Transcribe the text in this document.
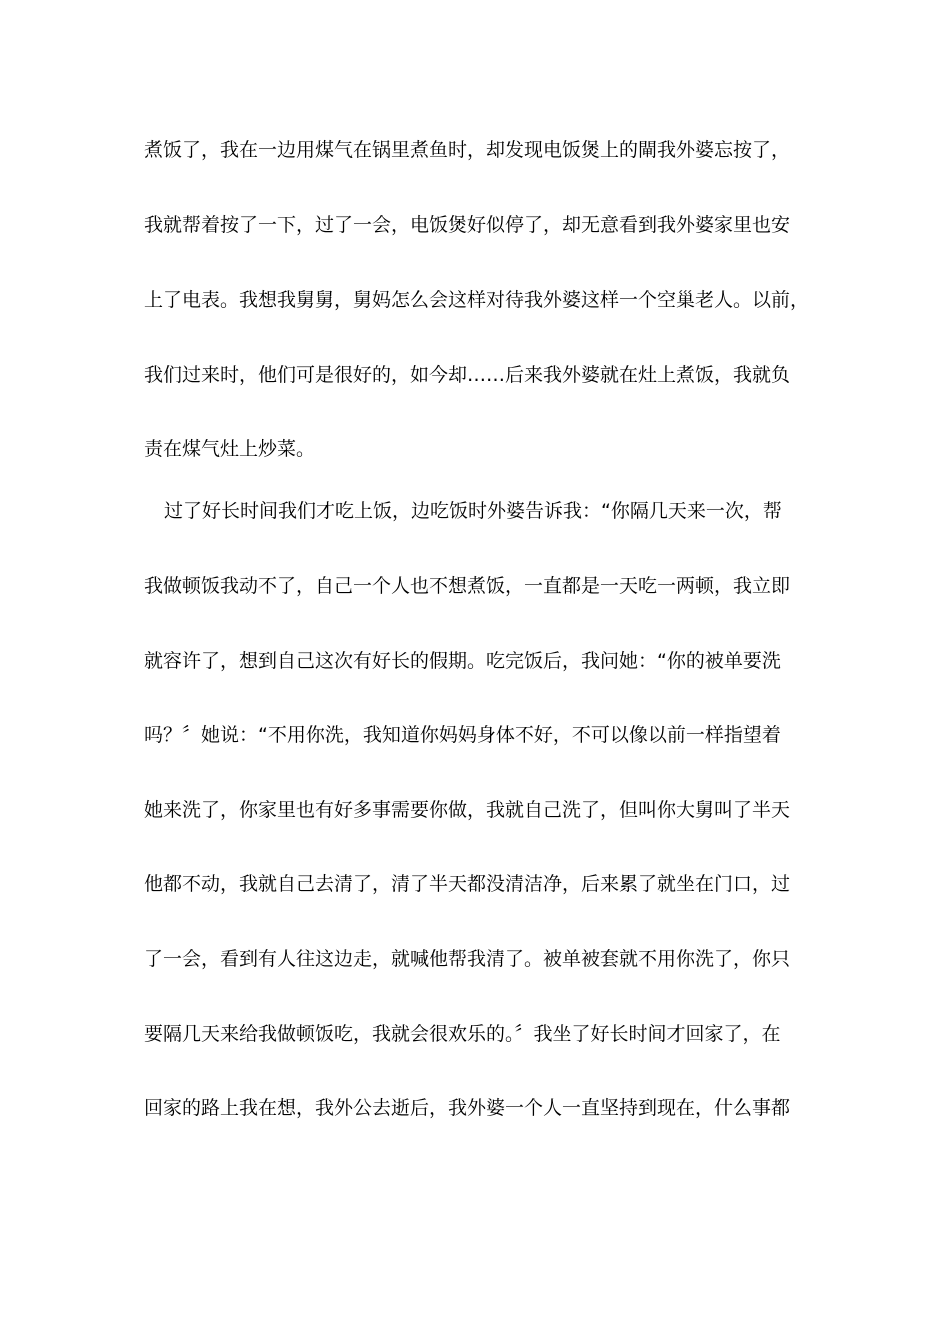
煮饭了，我在一边用煤气在锅里煮鱼时，却发现电饭煲上的閘我外婆忘按了，
我就帮着按了一下，过了一会，电饭煲好似停了，却无意看到我外婆家里也安
上了电表。我想我舅舅，舅妈怎么会这样对待我外婆这样一个空巢老人。以前，
我们过来时，他们可是很好的，如今却……后来我外婆就在灶上煮饭，我就负
责在煤气灶上炒菜。
过了好长时间我们才吃上饭，边吃饭时外婆告诉我：“你隔几天来一次，帮
我做顿饭我动不了，自己一个人也不想煮饭，一直都是一天吃一两顿，我立即
就容许了，想到自己这次有好长的假期。吃完饭后，我问她：“你的被单要洗
吗？〞她说：“不用你洗，我知道你妈妈身体不好，不可以像以前一样指望着
她来洗了，你家里也有好多事需要你做，我就自己洗了，但叫你大舅叫了半天
他都不动，我就自己去清了，清了半天都没清洁净，后来累了就坐在门口，过
了一会，看到有人往这边走，就喊他帮我清了。被单被套就不用你洗了，你只
要隔几天来给我做顿饭吃，我就会很欢乐的。〞我坐了好长时间才回家了，在
回家的路上我在想，我外公去逝后，我外婆一个人一直坚持到现在，什么事都
